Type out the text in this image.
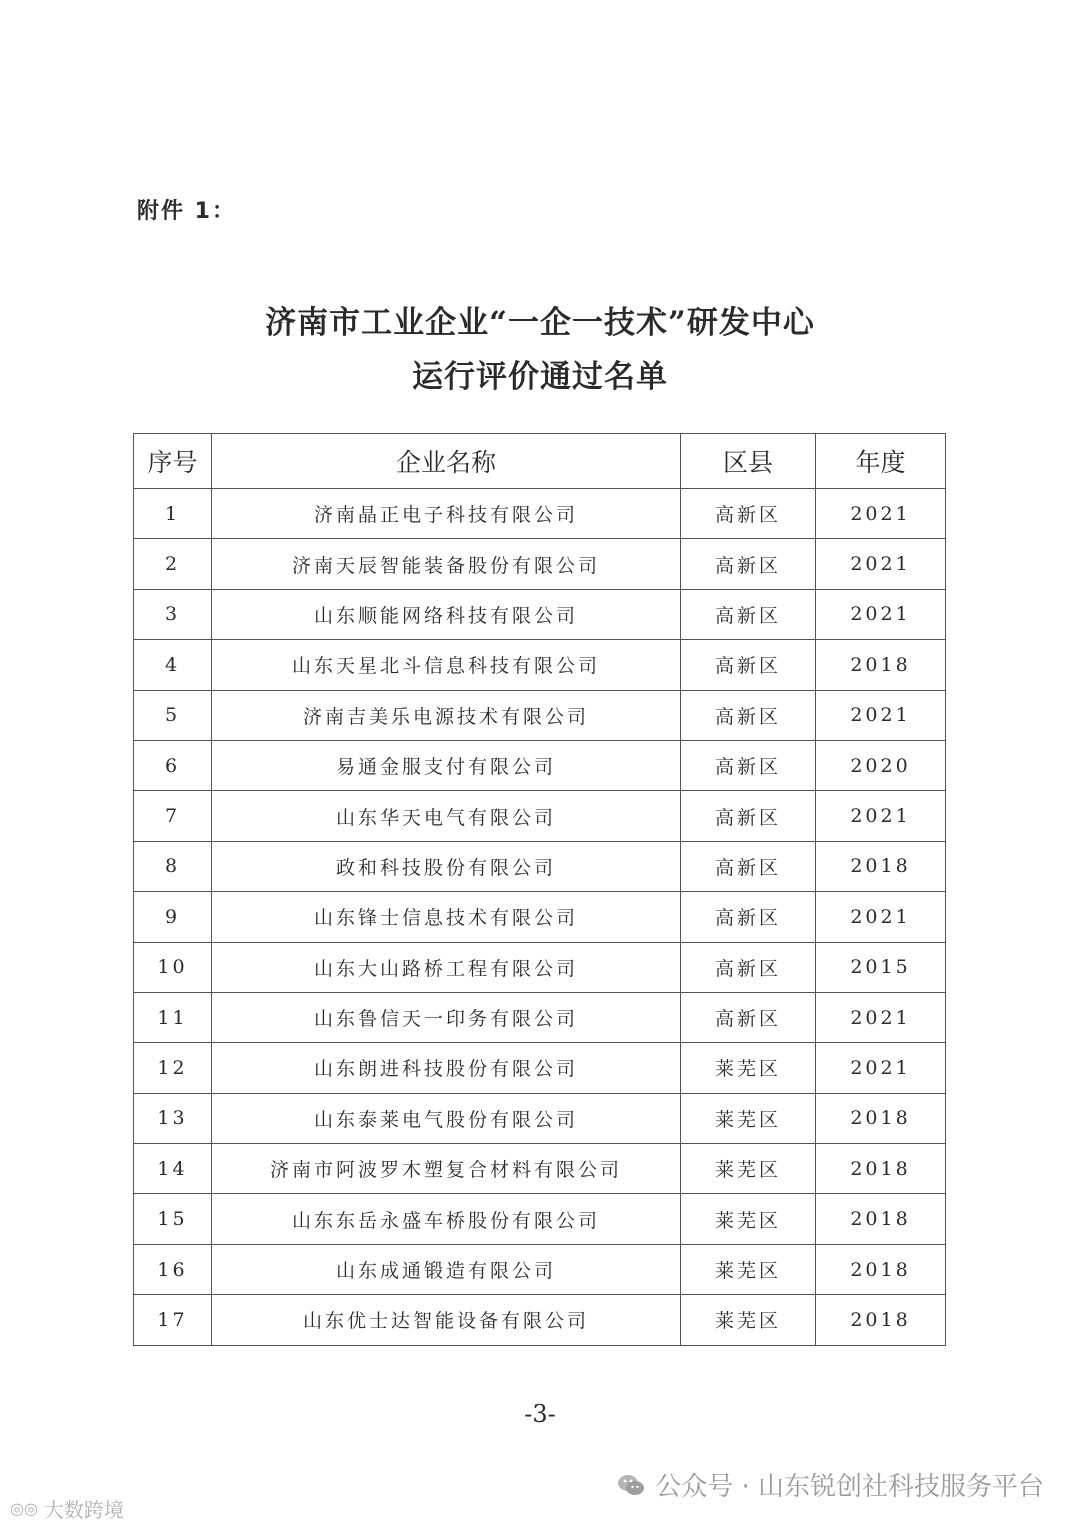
附件 1：
济南市工业企业“一企一技术”研发中心
运行评价通过名单
序号	企业名称	区县	年度
1	济南晶正电子科技有限公司	高新区	2021
2	济南天辰智能装备股份有限公司	高新区	2021
3	山东顺能网络科技有限公司	高新区	2021
4	山东天星北斗信息科技有限公司	高新区	2018
5	济南吉美乐电源技术有限公司	高新区	2021
6	易通金服支付有限公司	高新区	2020
7	山东华天电气有限公司	高新区	2021
8	政和科技股份有限公司	高新区	2018
9	山东锋士信息技术有限公司	高新区	2021
10	山东大山路桥工程有限公司	高新区	2015
11	山东鲁信天一印务有限公司	高新区	2021
12	山东朗进科技股份有限公司	莱芜区	2021
13	山东泰莱电气股份有限公司	莱芜区	2018
14	济南市阿波罗木塑复合材料有限公司	莱芜区	2018
15	山东东岳永盛车桥股份有限公司	莱芜区	2018
16	山东成通锻造有限公司	莱芜区	2018
17	山东优士达智能设备有限公司	莱芜区	2018
-3-
公众号 · 山东锐创社科技服务平台
◎◎ 大数跨境
